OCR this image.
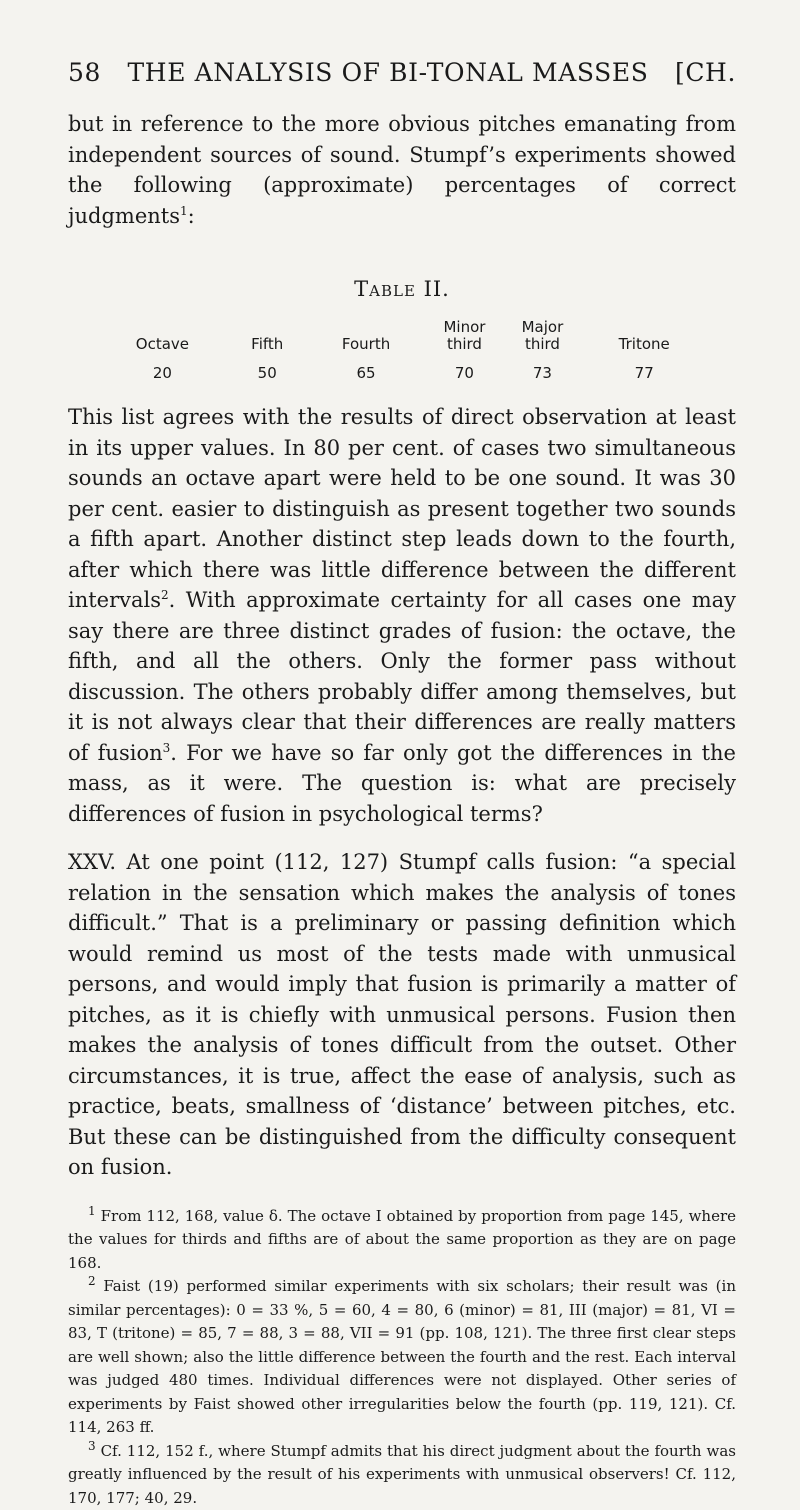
58	THE ANALYSIS OF BI-TONAL MASSES	[CH.

but in reference to the more obvious pitches emanating from independent sources of sound. Stumpf’s experiments showed the following (approximate) percentages of correct judgments$^1$:

Table II.
Octave	Fifth	Fourth	Minor third	Major third	Tritone
20	50	65	70	73	77

This list agrees with the results of direct observation at least in its upper values. In 80 per cent. of cases two simultaneous sounds an octave apart were held to be one sound. It was 30 per cent. easier to distinguish as present together two sounds a fifth apart. Another distinct step leads down to the fourth, after which there was little difference between the different intervals$^2$. With approximate certainty for all cases one may say there are three distinct grades of fusion: the octave, the fifth, and all the others. Only the former pass without discussion. The others probably differ among themselves, but it is not always clear that their differences are really matters of fusion$^3$. For we have so far only got the differences in the mass, as it were. The question is: what are precisely differences of fusion in psychological terms?

XXV. At one point (112, 127) Stumpf calls fusion: “a special relation in the sensation which makes the analysis of tones difficult.” That is a preliminary or passing definition which would remind us most of the tests made with unmusical persons, and would imply that fusion is primarily a matter of pitches, as it is chiefly with unmusical persons. Fusion then makes the analysis of tones difficult from the outset. Other circumstances, it is true, affect the ease of analysis, such as practice, beats, smallness of ‘distance’ between pitches, etc. But these can be distinguished from the difficulty consequent on fusion.

$^1$ From 112, 168, value δ. The octave I obtained by proportion from page 145, where the values for thirds and fifths are of about the same proportion as they are on page 168.
$^2$ Faist (19) performed similar experiments with six scholars; their result was (in similar percentages): 0 = 33 %, 5 = 60, 4 = 80, 6 (minor) = 81, III (major) = 81, VI = 83, T (tritone) = 85, 7 = 88, 3 = 88, VII = 91 (pp. 108, 121). The three first clear steps are well shown; also the little difference between the fourth and the rest. Each interval was judged 480 times. Individual differences were not displayed. Other series of experiments by Faist showed other irregularities below the fourth (pp. 119, 121). Cf. 114, 263 ff.
$^3$ Cf. 112, 152 f., where Stumpf admits that his direct judgment about the fourth was greatly influenced by the result of his experiments with unmusical observers! Cf. 112, 170, 177; 40, 29.
